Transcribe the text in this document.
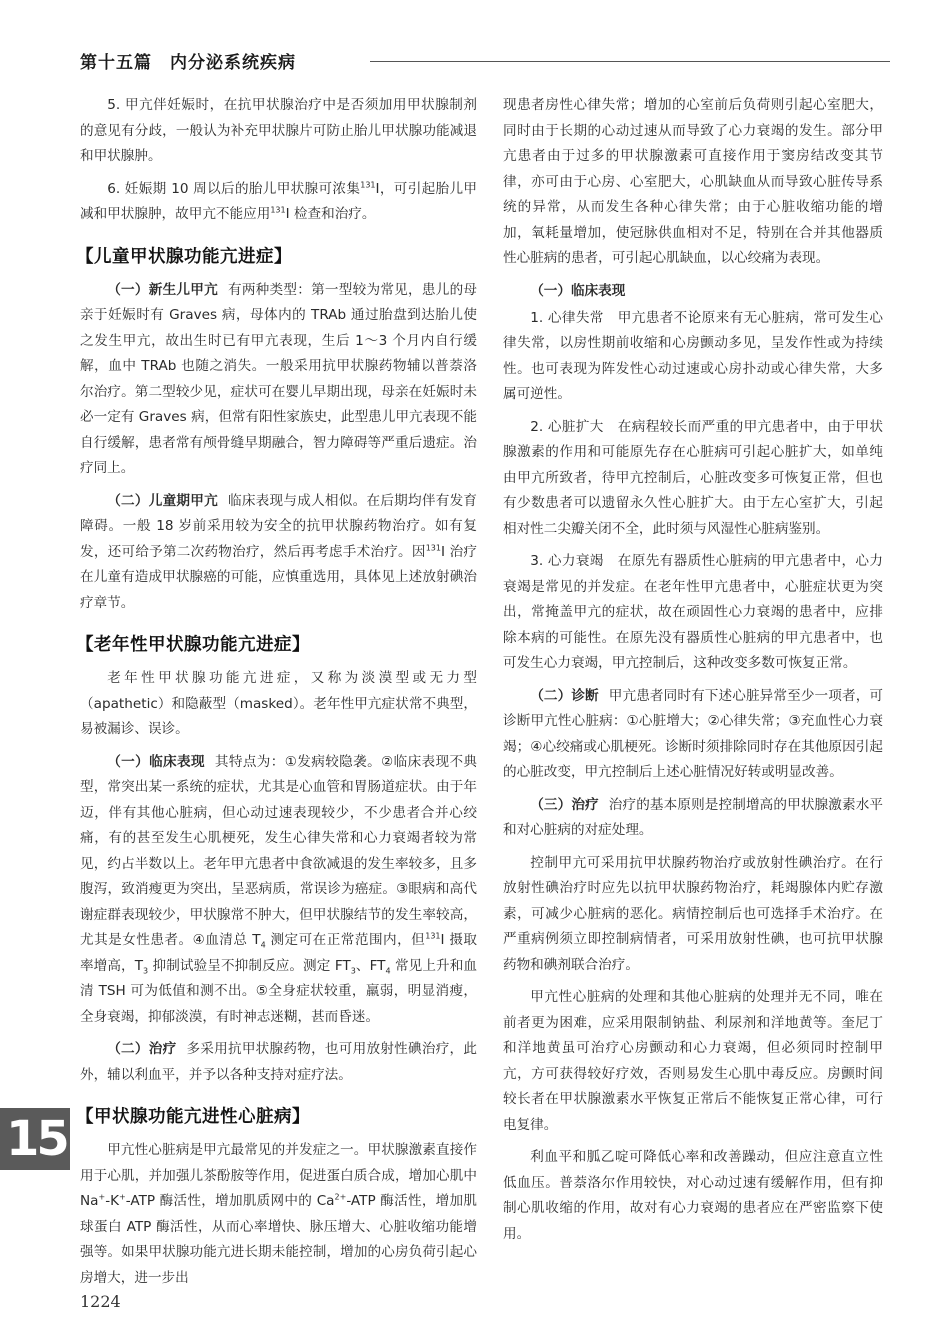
第十五篇　内分泌系统疾病

5. 甲亢伴妊娠时，在抗甲状腺治疗中是否须加用甲状腺制剂的意见有分歧，一般认为补充甲状腺片可防止胎儿甲状腺功能减退和甲状腺肿。

6. 妊娠期 10 周以后的胎儿甲状腺可浓集$^{131}$I，可引起胎儿甲减和甲状腺肿，故甲亢不能应用$^{131}$I 检查和治疗。

【儿童甲状腺功能亢进症】

（一）新生儿甲亢 有两种类型：第一型较为常见，患儿的母亲于妊娠时有 Graves 病，母体内的 TRAb 通过胎盘到达胎儿使之发生甲亢，故出生时已有甲亢表现，生后 1～3 个月内自行缓解，血中 TRAb 也随之消失。一般采用抗甲状腺药物辅以普萘洛尔治疗。第二型较少见，症状可在婴儿早期出现，母亲在妊娠时未必一定有 Graves 病，但常有阳性家族史，此型患儿甲亢表现不能自行缓解，患者常有颅骨缝早期融合，智力障碍等严重后遗症。治疗同上。

（二）儿童期甲亢 临床表现与成人相似。在后期均伴有发育障碍。一般 18 岁前采用较为安全的抗甲状腺药物治疗。如有复发，还可给予第二次药物治疗，然后再考虑手术治疗。因$^{131}$I 治疗在儿童有造成甲状腺癌的可能，应慎重选用，具体见上述放射碘治疗章节。

【老年性甲状腺功能亢进症】

老年性甲状腺功能亢进症，又称为淡漠型或无力型（apathetic）和隐蔽型（masked）。老年性甲亢症状常不典型，易被漏诊、误诊。

（一）临床表现 其特点为：①发病较隐袭。②临床表现不典型，常突出某一系统的症状，尤其是心血管和胃肠道症状。由于年迈，伴有其他心脏病，但心动过速表现较少，不少患者合并心绞痛，有的甚至发生心肌梗死，发生心律失常和心力衰竭者较为常见，约占半数以上。老年甲亢患者中食欲减退的发生率较多，且多腹泻，致消瘦更为突出，呈恶病质，常误诊为癌症。③眼病和高代谢症群表现较少，甲状腺常不肿大，但甲状腺结节的发生率较高，尤其是女性患者。④血清总 $T_4$ 测定可在正常范围内，但$^{131}$I 摄取率增高，$T_3$ 抑制试验呈不抑制反应。测定 $FT_3$、$FT_4$ 常见上升和血清 TSH 可为低值和测不出。⑤全身症状较重，羸弱，明显消瘦，全身衰竭，抑郁淡漠，有时神志迷糊，甚而昏迷。

（二）治疗 多采用抗甲状腺药物，也可用放射性碘治疗，此外，辅以利血平，并予以各种支持对症疗法。

【甲状腺功能亢进性心脏病】

甲亢性心脏病是甲亢最常见的并发症之一。甲状腺激素直接作用于心肌，并加强儿茶酚胺等作用，促进蛋白质合成，增加心肌中 Na+-K+-ATP 酶活性，增加肌质网中的 $Ca^{2+}$-ATP 酶活性，增加肌球蛋白 ATP 酶活性，从而心率增快、脉压增大、心脏收缩功能增强等。如果甲状腺功能亢进长期未能控制，增加的心房负荷引起心房增大，进一步出

现患者房性心律失常；增加的心室前后负荷则引起心室肥大，同时由于长期的心动过速从而导致了心力衰竭的发生。部分甲亢患者由于过多的甲状腺激素可直接作用于窦房结改变其节律，亦可由于心房、心室肥大，心肌缺血从而导致心脏传导系统的异常，从而发生各种心律失常；由于心脏收缩功能的增加，氧耗量增加，使冠脉供血相对不足，特别在合并其他器质性心脏病的患者，可引起心肌缺血，以心绞痛为表现。

（一）临床表现

1. 心律失常　甲亢患者不论原来有无心脏病，常可发生心律失常，以房性期前收缩和心房颤动多见，呈发作性或为持续性。也可表现为阵发性心动过速或心房扑动或心律失常，大多属可逆性。

2. 心脏扩大　在病程较长而严重的甲亢患者中，由于甲状腺激素的作用和可能原先存在心脏病可引起心脏扩大，如单纯由甲亢所致者，待甲亢控制后，心脏改变多可恢复正常，但也有少数患者可以遗留永久性心脏扩大。由于左心室扩大，引起相对性二尖瓣关闭不全，此时须与风湿性心脏病鉴别。

3. 心力衰竭　在原先有器质性心脏病的甲亢患者中，心力衰竭是常见的并发症。在老年性甲亢患者中，心脏症状更为突出，常掩盖甲亢的症状，故在顽固性心力衰竭的患者中，应排除本病的可能性。在原先没有器质性心脏病的甲亢患者中，也可发生心力衰竭，甲亢控制后，这种改变多数可恢复正常。

（二）诊断 甲亢患者同时有下述心脏异常至少一项者，可诊断甲亢性心脏病：①心脏增大；②心律失常；③充血性心力衰竭；④心绞痛或心肌梗死。诊断时须排除同时存在其他原因引起的心脏改变，甲亢控制后上述心脏情况好转或明显改善。

（三）治疗 治疗的基本原则是控制增高的甲状腺激素水平和对心脏病的对症处理。

控制甲亢可采用抗甲状腺药物治疗或放射性碘治疗。在行放射性碘治疗时应先以抗甲状腺药物治疗，耗竭腺体内贮存激素，可减少心脏病的恶化。病情控制后也可选择手术治疗。在严重病例须立即控制病情者，可采用放射性碘，也可抗甲状腺药物和碘剂联合治疗。

甲亢性心脏病的处理和其他心脏病的处理并无不同，唯在前者更为困难，应采用限制钠盐、利尿剂和洋地黄等。奎尼丁和洋地黄虽可治疗心房颤动和心力衰竭，但必须同时控制甲亢，方可获得较好疗效，否则易发生心肌中毒反应。房颤时间较长者在甲状腺激素水平恢复正常后不能恢复正常心律，可行电复律。

利血平和胍乙啶可降低心率和改善躁动，但应注意直立性低血压。普萘洛尔作用较快，对心动过速有缓解作用，但有抑制心肌收缩的作用，故对有心力衰竭的患者应在严密监察下使用。

15
1224
